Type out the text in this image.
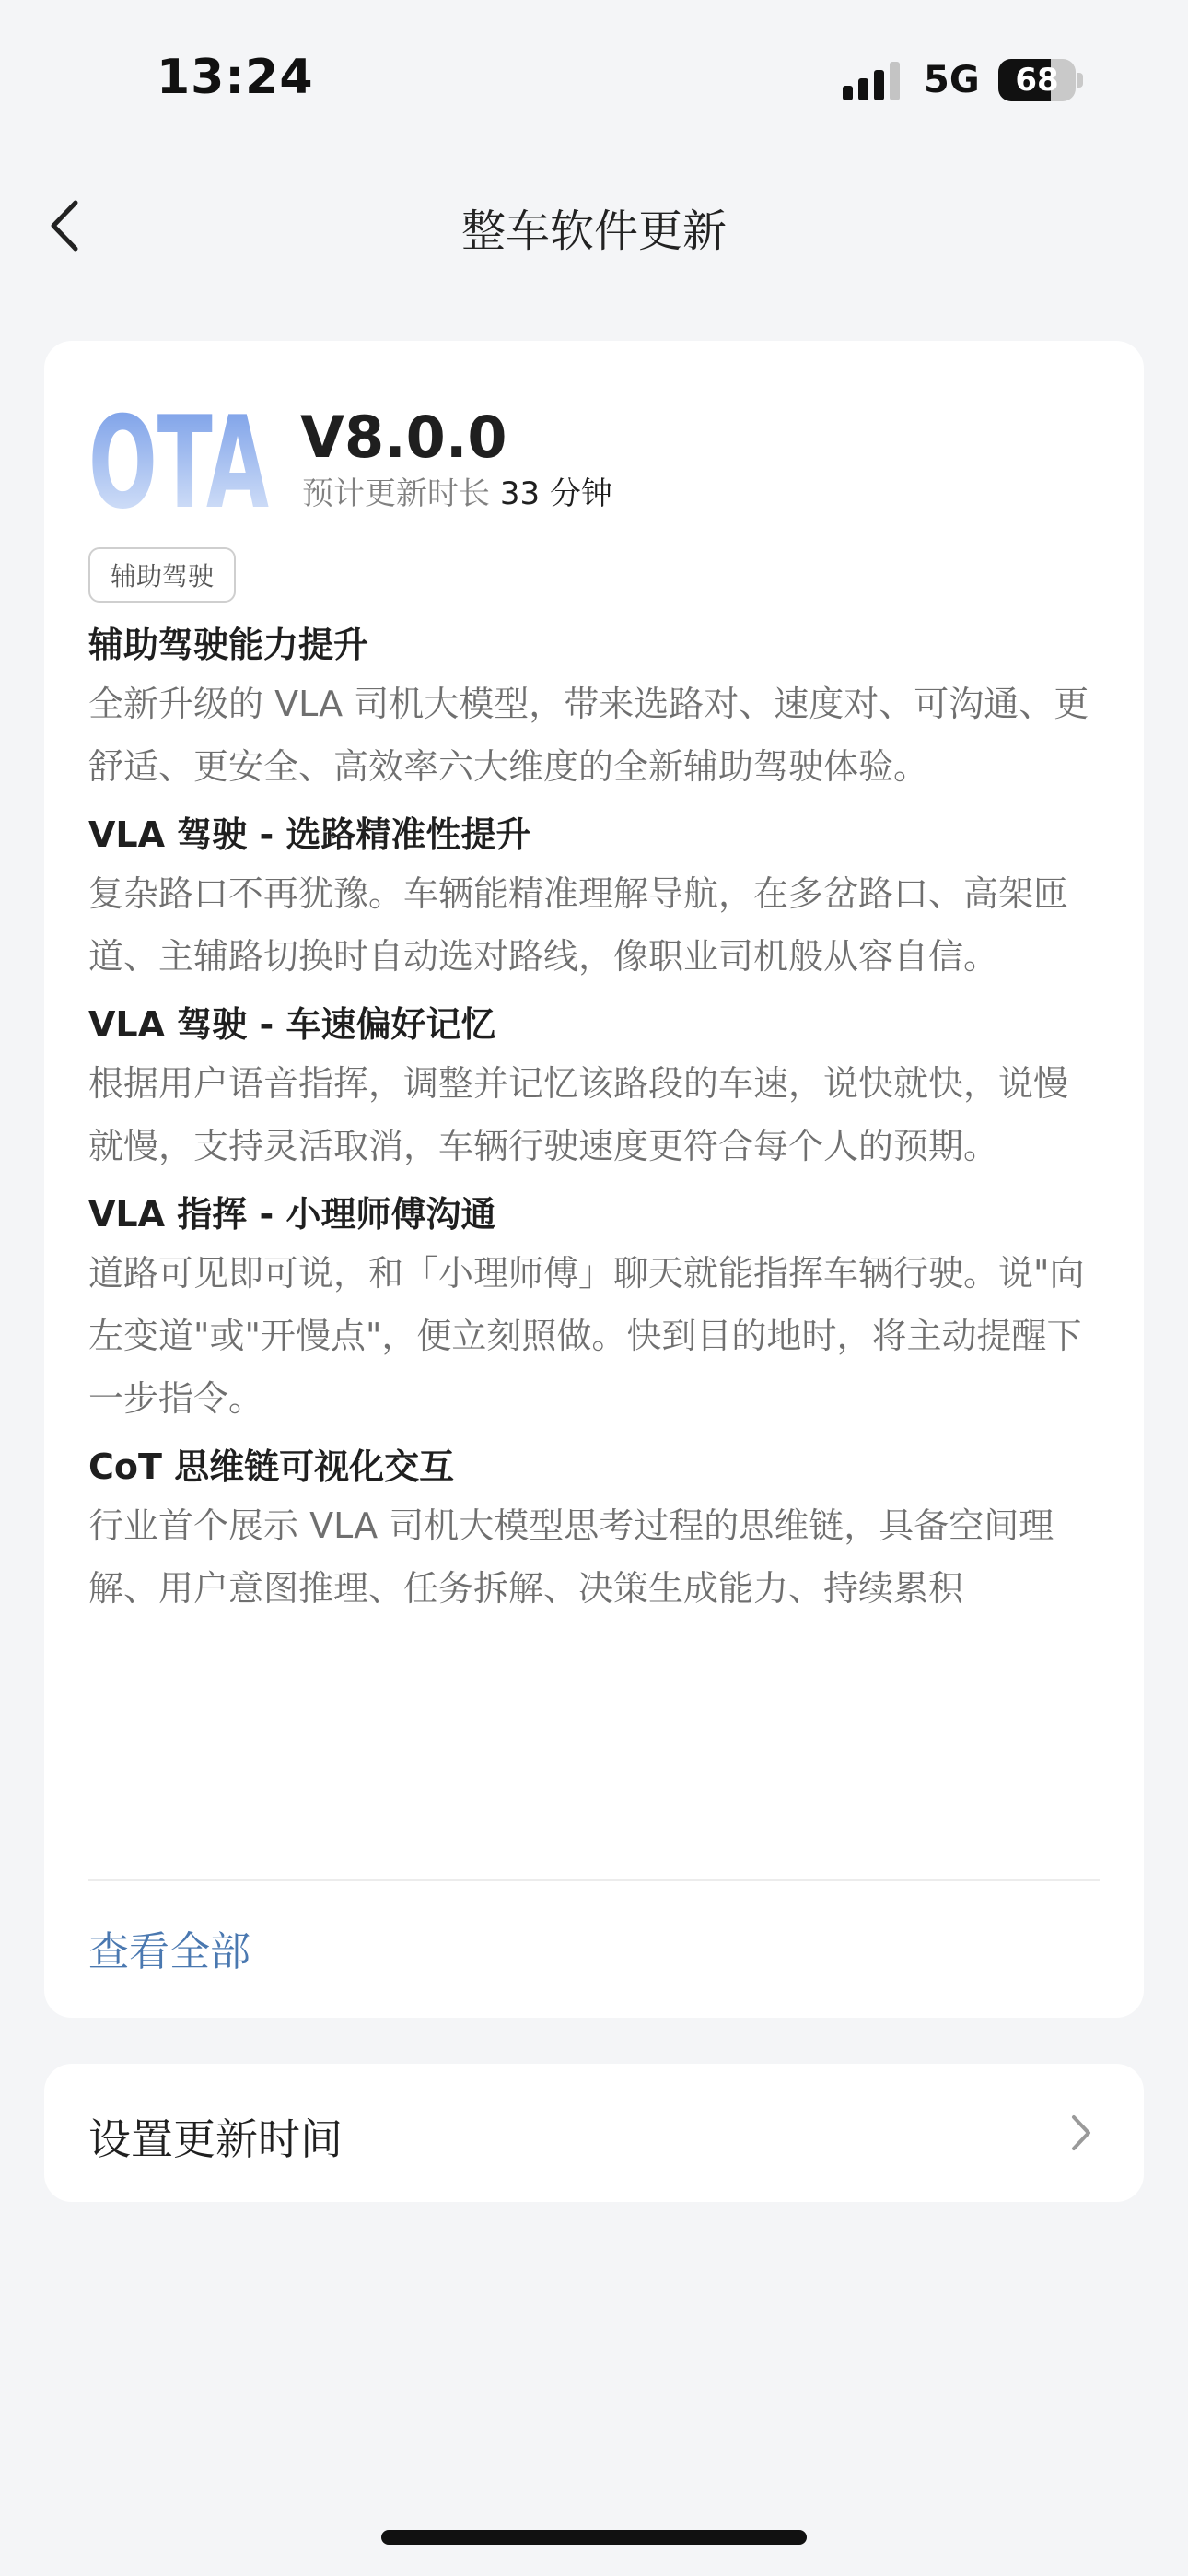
13:24	5G	68
整车软件更新
OTA V8.0.0
预计更新时长 33 分钟
辅助驾驶

辅助驾驶能力提升

全新升级的 VLA 司机大模型，带来选路对、速度对、可沟通、更舒适、更安全、高效率六大维度的全新辅助驾驶体验。

VLA 驾驶 - 选路精准性提升

复杂路口不再犹豫。车辆能精准理解导航，在多岔路口、高架匝道、主辅路切换时自动选对路线，像职业司机般从容自信。

VLA 驾驶 - 车速偏好记忆

根据用户语音指挥，调整并记忆该路段的车速，说快就快，说慢就慢，支持灵活取消，车辆行驶速度更符合每个人的预期。

VLA 指挥 - 小理师傅沟通

道路可见即可说，和「小理师傅」聊天就能指挥车辆行驶。说"向左变道"或"开慢点"，便立刻照做。快到目的地时，将主动提醒下一步指令。

CoT 思维链可视化交互

行业首个展示 VLA 司机大模型思考过程的思维链，具备空间理解、用户意图推理、任务拆解、决策生成能力、持续累积

查看全部
设置更新时间
